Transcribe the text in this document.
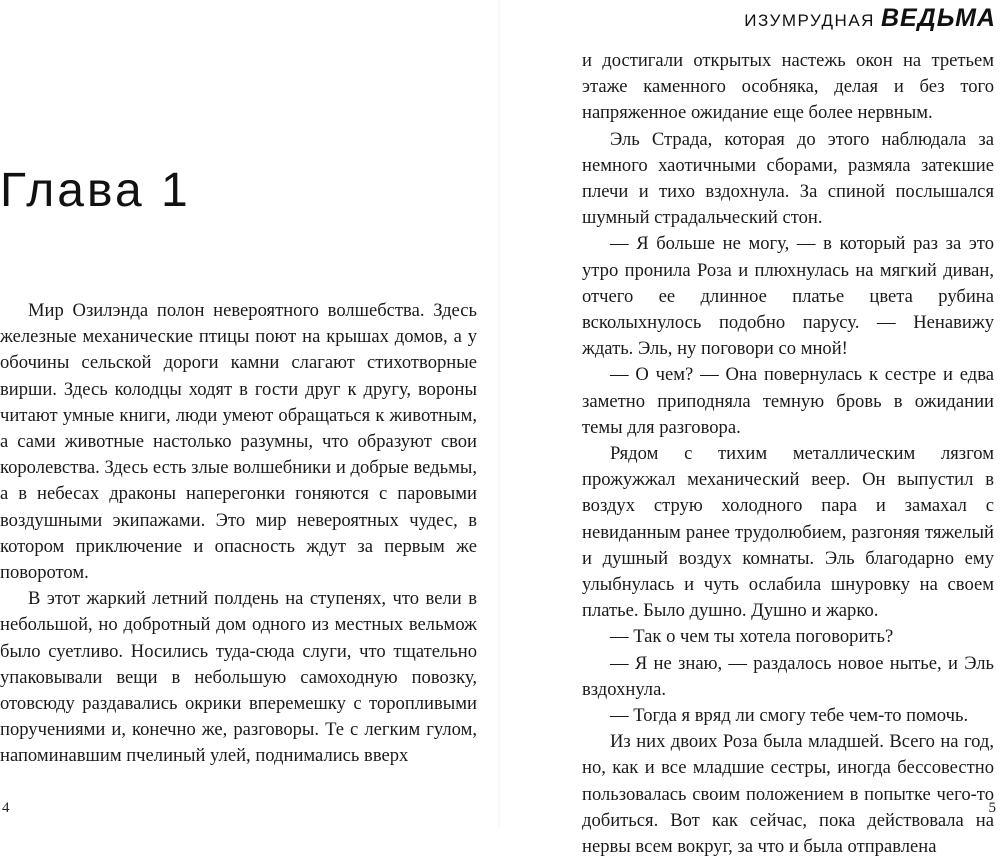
Глава 1
Мир Озилэнда полон невероятного волшебства. Здесь железные механические птицы поют на крышах домов, а у обочины сельской дороги камни слагают стихотворные вирши. Здесь колодцы ходят в гости друг к другу, вороны читают умные книги, люди умеют обращаться к животным, а сами животные настолько разумны, что образуют свои королевства. Здесь есть злые волшебники и добрые ведьмы, а в небесах драконы наперегонки гоняются с паровыми воздушными экипажами. Это мир невероятных чудес, в котором приключение и опасность ждут за первым же поворотом.
В этот жаркий летний полдень на ступенях, что вели в небольшой, но добротный дом одного из местных вельмож было суетливо. Носились туда-сюда слуги, что тщательно упаковывали вещи в небольшую самоходную повозку, отовсюду раздавались окрики вперемешку с торопливыми поручениями и, конечно же, разговоры. Те с легким гулом, напоминавшим пчелиный улей, поднимались вверх
4
ИЗУМРУДНАЯ ВЕДЬМА
и достигали открытых настежь окон на третьем этаже каменного особняка, делая и без того напряженное ожидание еще более нервным.
Эль Страда, которая до этого наблюдала за немного хаотичными сборами, размяла затекшие плечи и тихо вздохнула. За спиной послышался шумный страдальческий стон.
— Я больше не могу, — в который раз за это утро пронила Роза и плюхнулась на мягкий диван, отчего ее длинное платье цвета рубина всколыхнулось подобно парусу. — Ненавижу ждать. Эль, ну поговори со мной!
— О чем? — Она повернулась к сестре и едва заметно приподняла темную бровь в ожидании темы для разговора.
Рядом с тихим металлическим лязгом прожужжал механический веер. Он выпустил в воздух струю холодного пара и замахал с невиданным ранее трудолюбием, разгоняя тяжелый и душный воздух комнаты. Эль благодарно ему улыбнулась и чуть ослабила шнуровку на своем платье. Было душно. Душно и жарко.
— Так о чем ты хотела поговорить?
— Я не знаю, — раздалось новое нытье, и Эль вздохнула.
— Тогда я вряд ли смогу тебе чем-то помочь.
Из них двоих Роза была младшей. Всего на год, но, как и все младшие сестры, иногда бессовестно пользовалась своим положением в попытке чего-то добиться. Вот как сейчас, пока действовала на нервы всем вокруг, за что и была отправлена
5
